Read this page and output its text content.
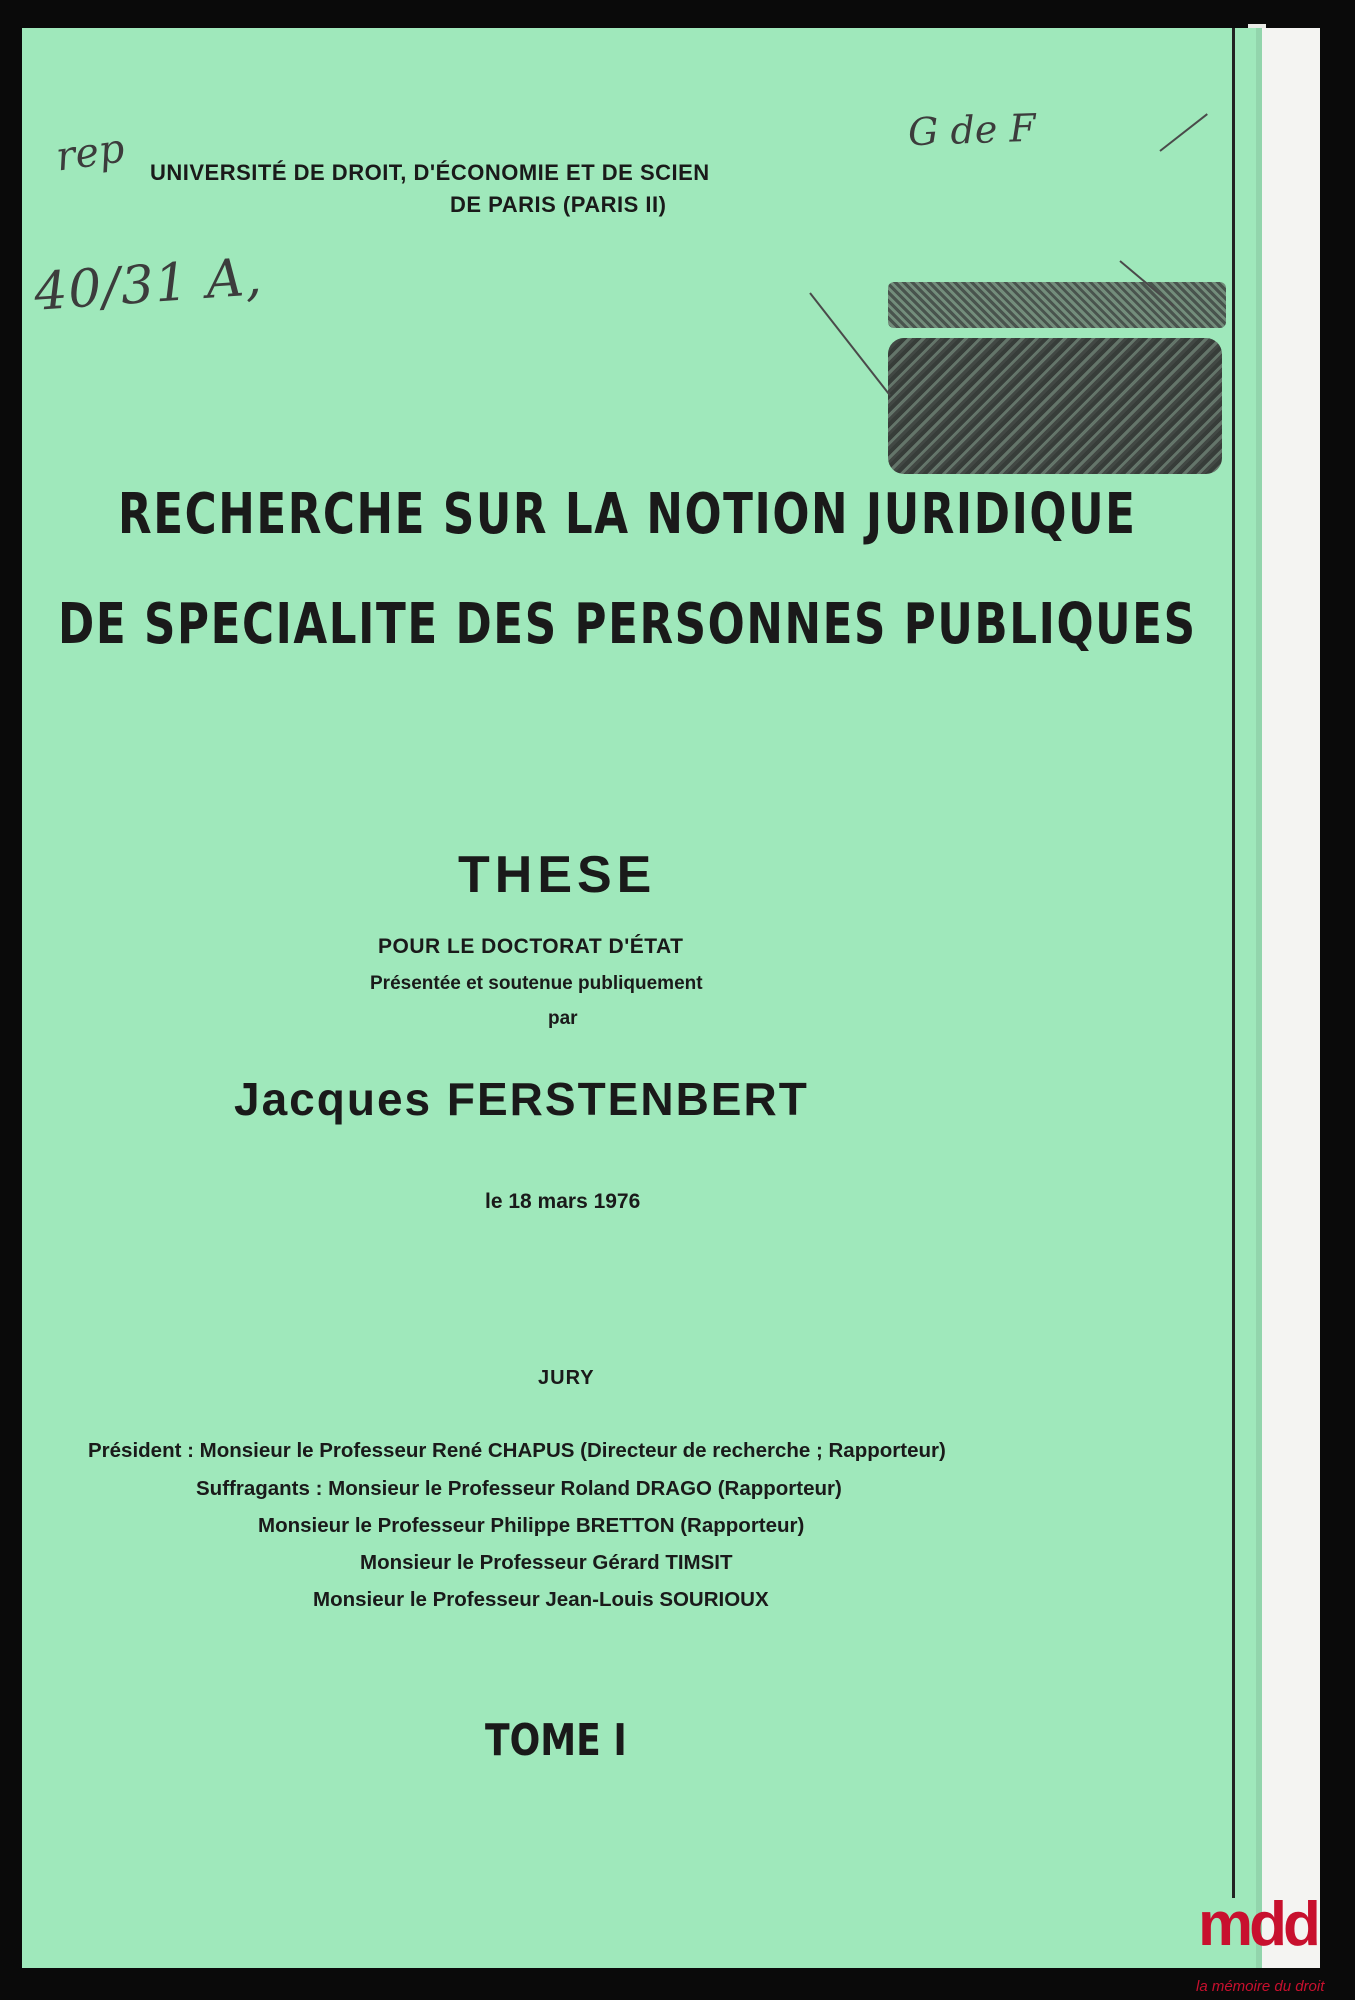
rep
40/31 A,
G de F
UNIVERSITÉ DE DROIT, D'ÉCONOMIE ET DE SCIEN
DE PARIS (PARIS II)
RECHERCHE SUR LA NOTION JURIDIQUE
DE SPECIALITE DES PERSONNES PUBLIQUES
THESE
POUR LE DOCTORAT D'ÉTAT
Présentée et soutenue publiquement
par
Jacques FERSTENBERT
le 18 mars 1976
JURY
Président : Monsieur le Professeur René CHAPUS (Directeur de recherche ; Rapporteur)
Suffragants : Monsieur le Professeur Roland DRAGO (Rapporteur)
Monsieur le Professeur Philippe BRETTON (Rapporteur)
Monsieur le Professeur Gérard TIMSIT
Monsieur le Professeur Jean-Louis SOURIOUX
TOME I
mdd
la mémoire du droit
